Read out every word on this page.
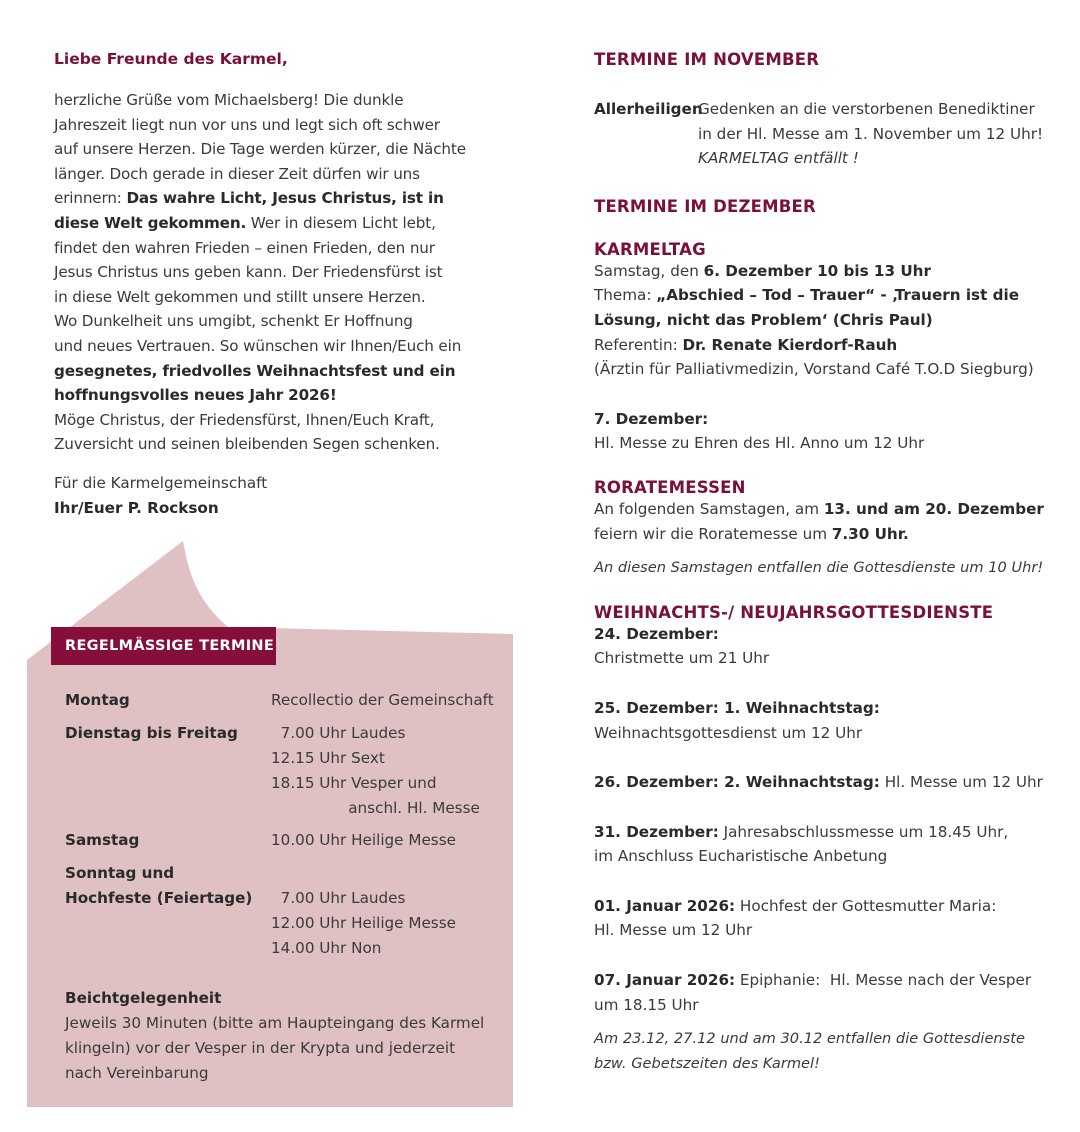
Liebe Freunde des Karmel,

herzliche Grüße vom Michaelsberg! Die dunkle

Jahreszeit liegt nun vor uns und legt sich oft schwer

auf unsere Herzen. Die Tage werden kürzer, die Nächte

länger. Doch gerade in dieser Zeit dürfen wir uns

erinnern: Das wahre Licht, Jesus Christus, ist in

diese Welt gekommen. Wer in diesem Licht lebt,

findet den wahren Frieden – einen Frieden, den nur

Jesus Christus uns geben kann. Der Friedensfürst ist

in diese Welt gekommen und stillt unsere Herzen.

Wo Dunkelheit uns umgibt, schenkt Er Hoffnung

und neues Vertrauen. So wünschen wir Ihnen/Euch ein

gesegnetes, friedvolles Weihnachtsfest und ein

hoffnungsvolles neues Jahr 2026!

Möge Christus, der Friedensfürst, Ihnen/Euch Kraft,

Zuversicht und seinen bleibenden Segen schenken.

Für die Karmelgemeinschaft
Ihr/Euer P. Rockson
REGELMÄSSIGE TERMINE
Montag	Recollectio der Gemeinschaft
Dienstag bis Freitag	7.00 Uhr Laudes
12.15 Uhr Sext
18.15 Uhr Vesper und
anschl. Hl. Messe
Samstag	10.00 Uhr Heilige Messe
Sonntag und
Hochfeste (Feiertage)	7.00 Uhr Laudes
12.00 Uhr Heilige Messe
14.00 Uhr Non
Beichtgelegenheit
Jeweils 30 Minuten (bitte am Haupteingang des Karmel
klingeln) vor der Vesper in der Krypta und jederzeit
nach Vereinbarung
TERMINE IM NOVEMBER
Allerheiligen
Gedenken an die verstorbenen Benediktiner
in der Hl. Messe am 1. November um 12 Uhr!
KARMELTAG entfällt !
TERMINE IM DEZEMBER
KARMELTAG
Samstag, den 6. Dezember 10 bis 13 Uhr
Thema: „Abschied – Tod – Trauer“ - ‚Trauern ist die
Lösung, nicht das Problem‘ (Chris Paul)
Referentin: Dr. Renate Kierdorf-Rauh
(Ärztin für Palliativmedizin, Vorstand Café T.O.D Siegburg)
7. Dezember:
Hl. Messe zu Ehren des Hl. Anno um 12 Uhr
RORATEMESSEN
An folgenden Samstagen, am 13. und am 20. Dezember
feiern wir die Roratemesse um 7.30 Uhr.
An diesen Samstagen entfallen die Gottesdienste um 10 Uhr!
WEIHNACHTS-/ NEUJAHRSGOTTESDIENSTE
24. Dezember:
Christmette um 21 Uhr
25. Dezember: 1. Weihnachtstag:
Weihnachtsgottesdienst um 12 Uhr
26. Dezember: 2. Weihnachtstag: Hl. Messe um 12 Uhr
31. Dezember: Jahresabschlussmesse um 18.45 Uhr,
im Anschluss Eucharistische Anbetung
01. Januar 2026: Hochfest der Gottesmutter Maria:
Hl. Messe um 12 Uhr
07. Januar 2026: Epiphanie:  Hl. Messe nach der Vesper
um 18.15 Uhr
Am 23.12, 27.12 und am 30.12 entfallen die Gottesdienste
bzw. Gebetszeiten des Karmel!
